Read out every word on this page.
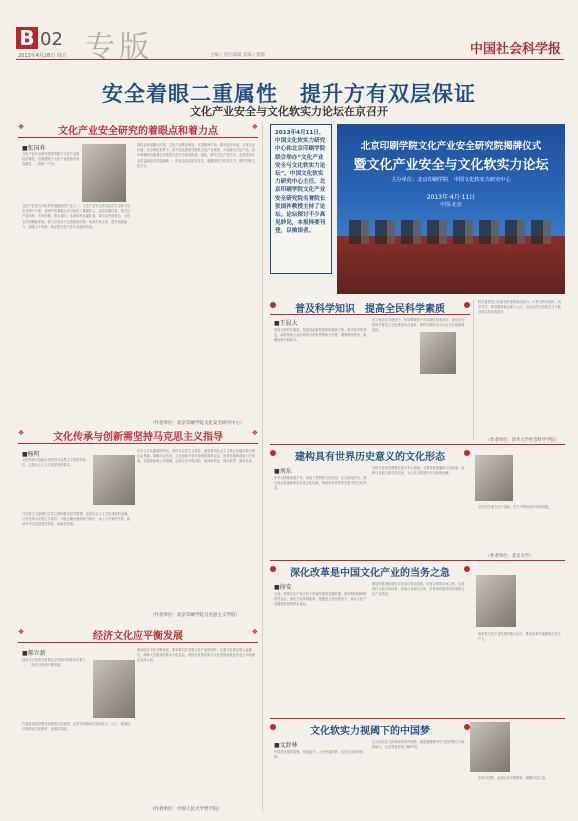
B 02 专版
2013年4月26日 周五	主编 / 责任编辑 美编 / 排版	中国社会科学报
安全着眼二重属性　提升方有双层保证
文化产业安全与文化软实力论坛在京召开
❖	文化产业安全研究的着眼点和着力点	❖
■张国祚
文化产业安全研究既要着眼于文化产业的经济属性，也要着眼于文化产业的意识形态属性，二者缺一不可。
文化产业是当今世界发展最快的产业之一。文化产业安全涉及经济安全和文化安全两个方面，其研究的着眼点应当放在二重属性上。从经济属性看，要关注产业结构、市场份额、资本流向；从意识形态属性看，要关注价值观念、文化主权和精神家园。着力点则在于完善政策法规、培育市场主体、提升创新能力、加强人才培养，真正把文化产业安全落到实处。
我们必须清醒认识到，文化产品既是商品，又是精神产品；既有经济价值，又有社会价值。在全球化背景下，西方发达国家凭借其文化产业优势，大量输出文化产品，其中承载的价值观念对我国文化安全构成挑战。因此，研究文化产业安全，必须坚持社会效益和经济效益相统一，把社会效益放在首位，增强国家文化软实力，维护国家文化安全。
（作者单位：北京印刷学院文化安全研究中心）
❖	文化传承与创新需坚持马克思主义指导	❖
■杨明
文化传承与创新必须坚持马克思主义的指导地位，这是社会主义文化建设的根本。
马克思主义是我们立党立国的根本指导思想，也是社会主义文化建设的灵魂。只有坚持马克思主义指导，才能正确处理传统与现代、本土与外来的关系，推动中华文化创造性转化、创新性发展。
在多元文化激荡的时代，坚持马克思主义指导，就是要用社会主义核心价值体系引领社会思潮，凝聚社会共识。文化创新不是对传统的简单否定，而是在继承基础上的发展，在借鉴基础上的超越，必须立足中国实际，面向现代化、面向世界、面向未来。
（作者单位：北京印刷学院马克思主义学院）
❖	经济文化应平衡发展	❖
■郝立新
经济与文化的关系是社会发展中的基本关系之一，二者应当协调平衡发展。
片面追求经济增长而忽视文化建设，必然导致精神生活的贫乏；反之，脱离经济基础谈文化繁荣，也难以持续。
推动经济文化平衡发展，要求我们在发展文化产业的同时，注重文化事业的公益属性，保障人民群众的基本文化权益，使经济发展成果与文化发展成果更多更公平地惠及全体人民。
（作者单位：中国人民大学哲学院）
2013年4月11日，中国文化软实力研究中心和北京印刷学院联合举办“文化产业安全与文化软实力论坛”。中国文化软实力研究中心主任、北京印刷学院文化产业安全研究院名誉院长张国祚教授主持了论坛。论坛探讨不少高见妙见，本报择要刊登，以飨读者。
北京印刷学院文化产业安全研究院揭牌仪式
暨文化产业安全与文化软实力论坛
主办单位：北京印刷学院　中国文化软实力研究中心
2013年·4月·11日
中国·北京
普及科学知识　提高全民科学素质
■王晨大
提高全民科学素质，是建设创新型国家的基础工程。科学知识的普及，能够帮助公众形成科学的世界观和方法论，增强辨别是非、抵御伪科学的能力。
在文化软实力建设中，科学精神是不可或缺的组成部分。我们应当把科学普及与文化建设结合起来，使科学理性成为社会文化的重要底色。
科学素质是公民素质的重要组成部分。只有当科学知识、科学方法、科学精神真正深入人心，全社会的文化软实力才能得到实质性的提升。
（作者单位：清华大学社会科学学院）
建构具有世界历史意义的文化形态
■刘东
中华文明绵延数千年，形成了独特的文化形态。在全球化时代，我们有必要重新审视自身文化传统，构建具有世界历史意义的文化形态。
这种文化形态既要扎根于本土传统，又要具备普遍的人类价值，能够与其他文明对话交流，为人类文明进步作出新的贡献。
文化的生命力在于创新，在于不断回应时代的问题。
（作者单位：北京大学）
深化改革是中国文化产业的当务之急
■徐安
当前，我国文化产业正处于快速发展的关键时期，但体制机制障碍依然存在。深化文化体制改革，是激发文化创造活力、推动文化产业健康发展的根本途径。
要加快推进经营性文化单位转企改制，培育合格的市场主体，完善现代文化市场体系，形成公有制为主体、多种所有制共同发展的文化产业格局。
改革是文化产业发展的强大动力，唯有改革才能释放文化生产力。
文化软实力视阈下的中国梦
■文辞林
中国梦是国家富强、民族振兴、人民幸福的梦，也是文化繁荣的梦。
从文化软实力的视阈审视中国梦，就是要增强中华文化的感召力和影响力，让世界更好地了解中国。
实现中国梦，必须弘扬中国精神，凝聚中国力量。
